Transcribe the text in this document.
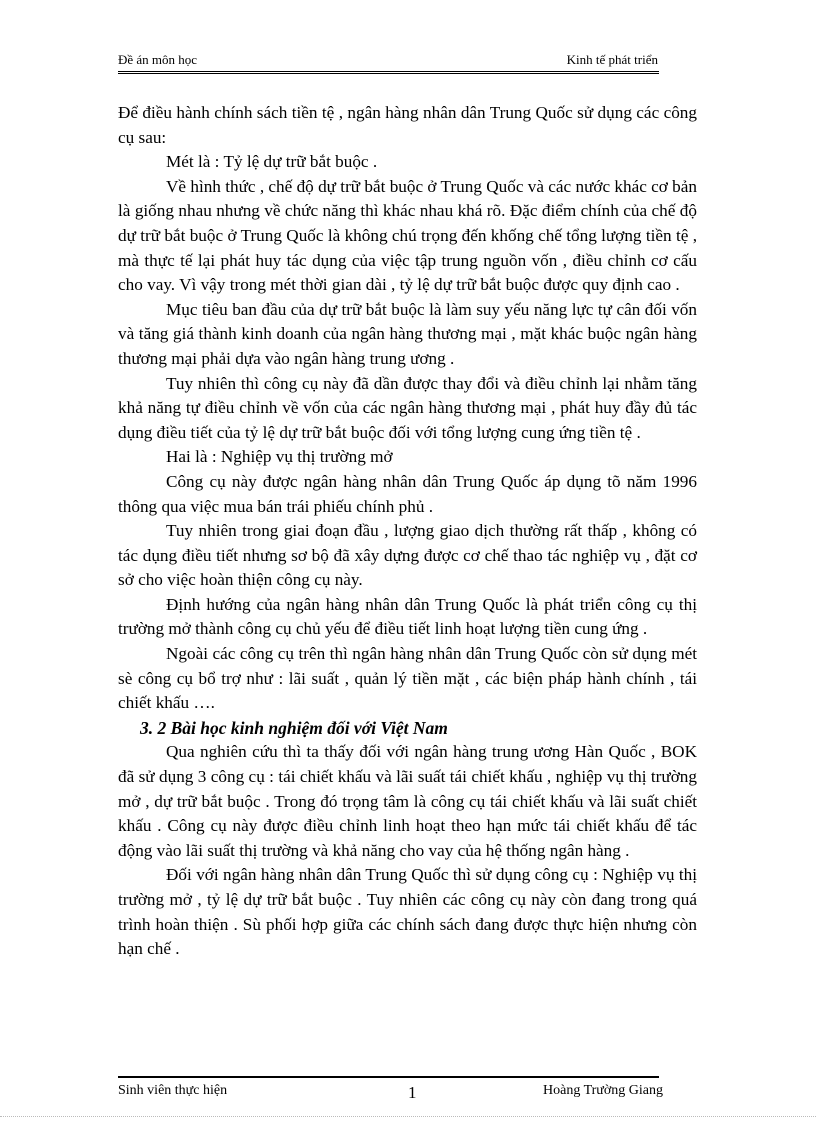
Đề án môn học	Kinh tế phát triển

Để điều hành chính sách tiền tệ , ngân hàng nhân dân Trung Quốc sử dụng các công cụ sau:

Mét là : Tỷ lệ dự trữ bắt buộc .

Về hình thức , chế độ dự trữ bắt buộc ở Trung Quốc và các nước khác cơ bản là giống nhau nhưng về chức năng thì khác nhau khá rõ. Đặc điểm chính của chế độ dự trữ bắt buộc ở Trung Quốc là không chú trọng đến khống chế tổng lượng tiền tệ , mà thực tế lại phát huy tác dụng của việc tập trung nguồn vốn , điều chỉnh cơ cấu cho vay. Vì vậy trong mét thời gian dài , tỷ lệ dự trữ bắt buộc được quy định cao .

Mục tiêu ban đầu của dự trữ bắt buộc là làm suy yếu năng lực tự cân đối vốn và tăng giá thành kinh doanh của ngân hàng thương mại , mặt khác buộc ngân hàng thương mại phải dựa vào ngân hàng trung ương .

Tuy nhiên thì công cụ này đã dần được thay đổi và điều chỉnh lại nhằm tăng khả năng tự điều chỉnh về vốn của các ngân hàng thương mại , phát huy đầy đủ tác dụng điều tiết của tỷ lệ dự trữ bắt buộc đối với tổng lượng cung ứng tiền tệ .

Hai là : Nghiệp vụ thị trường mở

Công cụ này được ngân hàng nhân dân Trung Quốc áp dụng tõ năm 1996 thông qua việc mua bán trái phiếu chính phủ .

Tuy nhiên trong giai đoạn đầu , lượng giao dịch thường rất thấp , không có tác dụng điều tiết nhưng sơ bộ đã xây dựng được cơ chế thao tác nghiệp vụ , đặt cơ sở cho việc hoàn thiện công cụ này.

Định hướng của ngân hàng nhân dân Trung Quốc là phát triển công cụ thị trường mở thành công cụ chủ yếu để điều tiết linh hoạt lượng tiền cung ứng .

Ngoài các công cụ trên thì ngân hàng nhân dân Trung Quốc còn sử dụng mét sè công cụ bổ trợ như : lãi suất , quản lý tiền mặt , các biện pháp hành chính , tái chiết khấu ….

3. 2 Bài học kinh nghiệm đối với Việt Nam

Qua nghiên cứu thì ta thấy đối với ngân hàng trung ương Hàn Quốc , BOK đã sử dụng 3 công cụ : tái chiết khấu và lãi suất tái chiết khấu , nghiệp vụ thị trường mở , dự trữ bắt buộc . Trong đó trọng tâm là công cụ tái chiết khấu và lãi suất chiết khấu . Công cụ này được điều chỉnh linh hoạt theo hạn mức tái chiết khấu để tác động vào lãi suất thị trường và khả năng cho vay của hệ thống ngân hàng .

Đối với ngân hàng nhân dân Trung Quốc thì sử dụng công cụ : Nghiệp vụ thị trường mở , tỷ lệ dự trữ bắt buộc . Tuy nhiên các công cụ này còn đang trong quá trình hoàn thiện . Sù phối hợp giữa các chính sách đang được thực hiện nhưng còn hạn chế .

Sinh viên thực hiện	1	Hoàng Trường Giang
